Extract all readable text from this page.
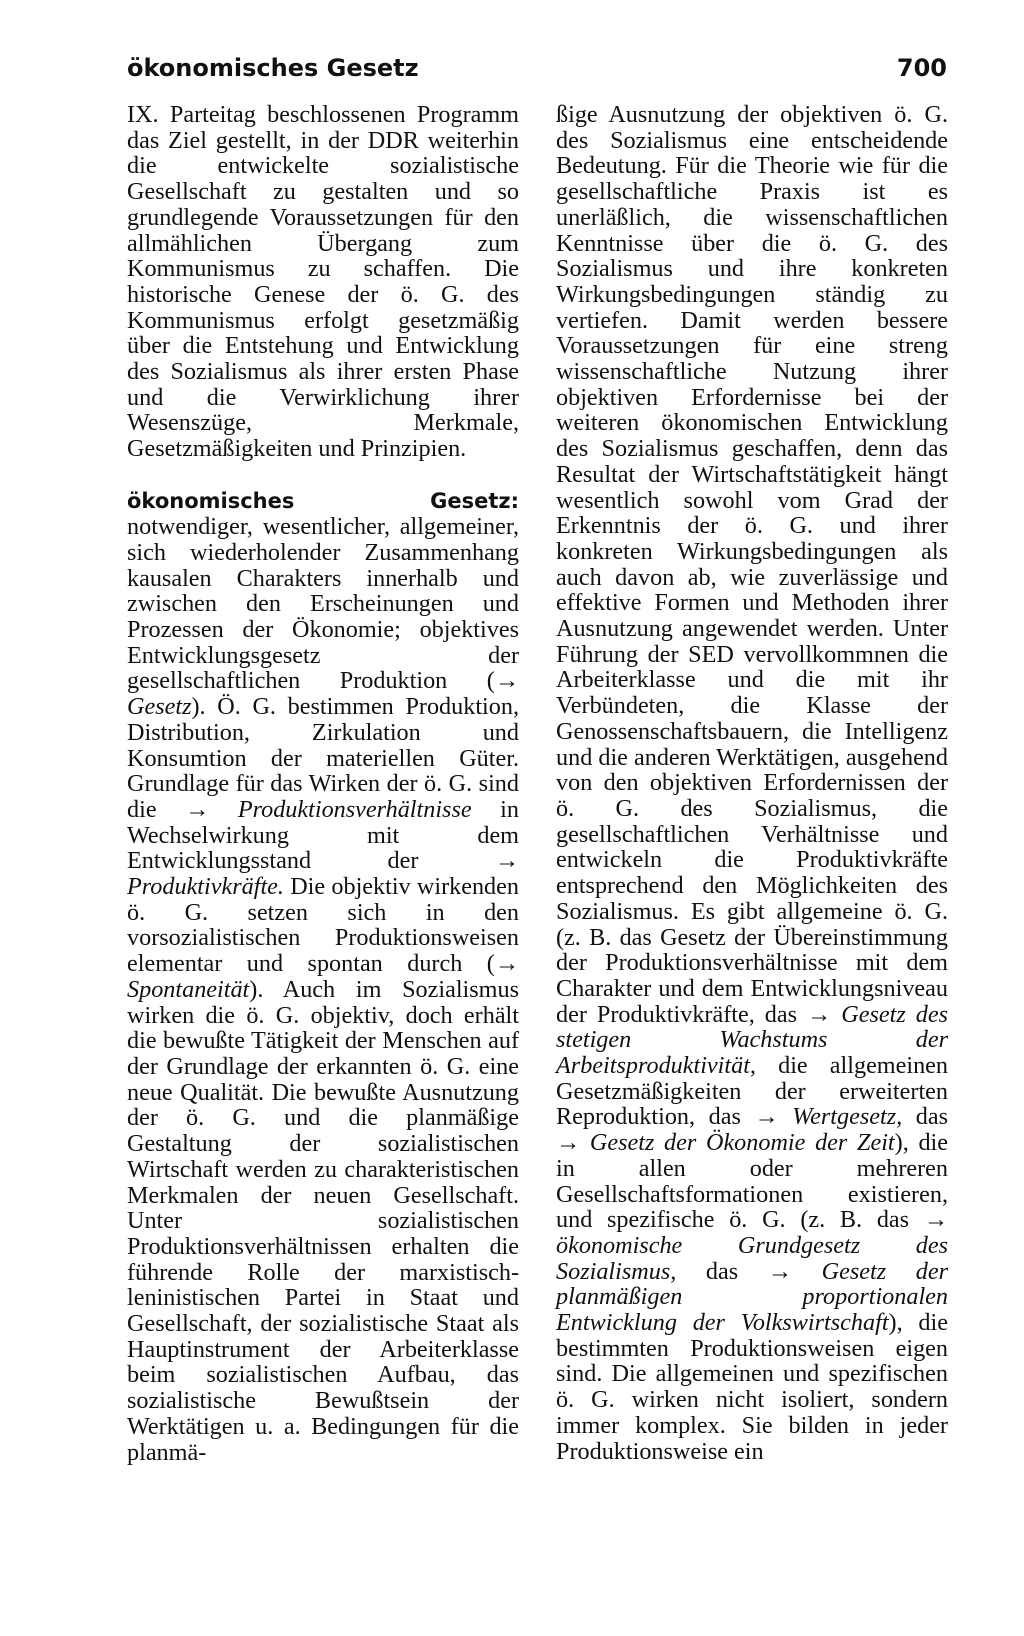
ökonomisches Gesetz	700

IX. Parteitag beschlossenen Programm das Ziel gestellt, in der DDR weiterhin die entwickelte sozialistische Gesellschaft zu gestalten und so grundlegende Voraussetzungen für den allmählichen Übergang zum Kommunismus zu schaffen. Die historische Genese der ö. G. des Kommunismus erfolgt gesetzmäßig über die Entstehung und Entwicklung des Sozialismus als ihrer ersten Phase und die Verwirklichung ihrer Wesenszüge, Merkmale, Gesetzmäßigkeiten und Prinzipien.

ökonomisches Gesetz: notwendiger, wesentlicher, allgemeiner, sich wiederholender Zusammenhang kausalen Charakters innerhalb und zwischen den Erscheinungen und Prozessen der Ökonomie; objektives Entwicklungsgesetz der gesellschaftlichen Produktion (→ Gesetz). Ö. G. bestimmen Produktion, Distribution, Zirkulation und Konsumtion der materiellen Güter. Grundlage für das Wirken der ö. G. sind die → Produktionsverhältnisse in Wechselwirkung mit dem Entwicklungsstand der → Produktivkräfte. Die objektiv wirkenden ö. G. setzen sich in den vorsozialistischen Produktionsweisen elementar und spontan durch (→ Spontaneität). Auch im Sozialismus wirken die ö. G. objektiv, doch erhält die bewußte Tätigkeit der Menschen auf der Grundlage der erkannten ö. G. eine neue Qualität. Die bewußte Ausnutzung der ö. G. und die planmäßige Gestaltung der sozialistischen Wirtschaft werden zu charakteristischen Merkmalen der neuen Gesellschaft. Unter sozialistischen Produktionsverhältnissen erhalten die führende Rolle der marxistisch-leninistischen Partei in Staat und Gesellschaft, der sozialistische Staat als Hauptinstrument der Arbeiterklasse beim sozialistischen Aufbau, das sozialistische Bewußtsein der Werktätigen u. a. Bedingungen für die planmä-

ßige Ausnutzung der objektiven ö. G. des Sozialismus eine entscheidende Bedeutung. Für die Theorie wie für die gesellschaftliche Praxis ist es unerläßlich, die wissenschaftlichen Kenntnisse über die ö. G. des Sozialismus und ihre konkreten Wirkungsbedingungen ständig zu vertiefen. Damit werden bessere Voraussetzungen für eine streng wissenschaftliche Nutzung ihrer objektiven Erfordernisse bei der weiteren ökonomischen Entwicklung des Sozialismus geschaffen, denn das Resultat der Wirtschaftstätigkeit hängt wesentlich sowohl vom Grad der Erkenntnis der ö. G. und ihrer konkreten Wirkungsbedingungen als auch davon ab, wie zuverlässige und effektive Formen und Methoden ihrer Ausnutzung angewendet werden. Unter Führung der SED vervollkommnen die Arbeiterklasse und die mit ihr Verbündeten, die Klasse der Genossenschaftsbauern, die Intelligenz und die anderen Werktätigen, ausgehend von den objektiven Erfordernissen der ö. G. des Sozialismus, die gesellschaftlichen Verhältnisse und entwickeln die Produktivkräfte entsprechend den Möglichkeiten des Sozialismus. Es gibt allgemeine ö. G. (z. B. das Gesetz der Übereinstimmung der Produktionsverhältnisse mit dem Charakter und dem Entwicklungsniveau der Produktivkräfte, das → Gesetz des stetigen Wachstums der Arbeitsproduktivität, die allgemeinen Gesetzmäßigkeiten der erweiterten Reproduktion, das → Wertgesetz, das → Gesetz der Ökonomie der Zeit), die in allen oder mehreren Gesellschaftsformationen existieren, und spezifische ö. G. (z. B. das → ökonomische Grundgesetz des Sozialismus, das → Gesetz der planmäßigen proportionalen Entwicklung der Volkswirtschaft), die bestimmten Produktionsweisen eigen sind. Die allgemeinen und spezifischen ö. G. wirken nicht isoliert, sondern immer komplex. Sie bilden in jeder Produktionsweise ein
